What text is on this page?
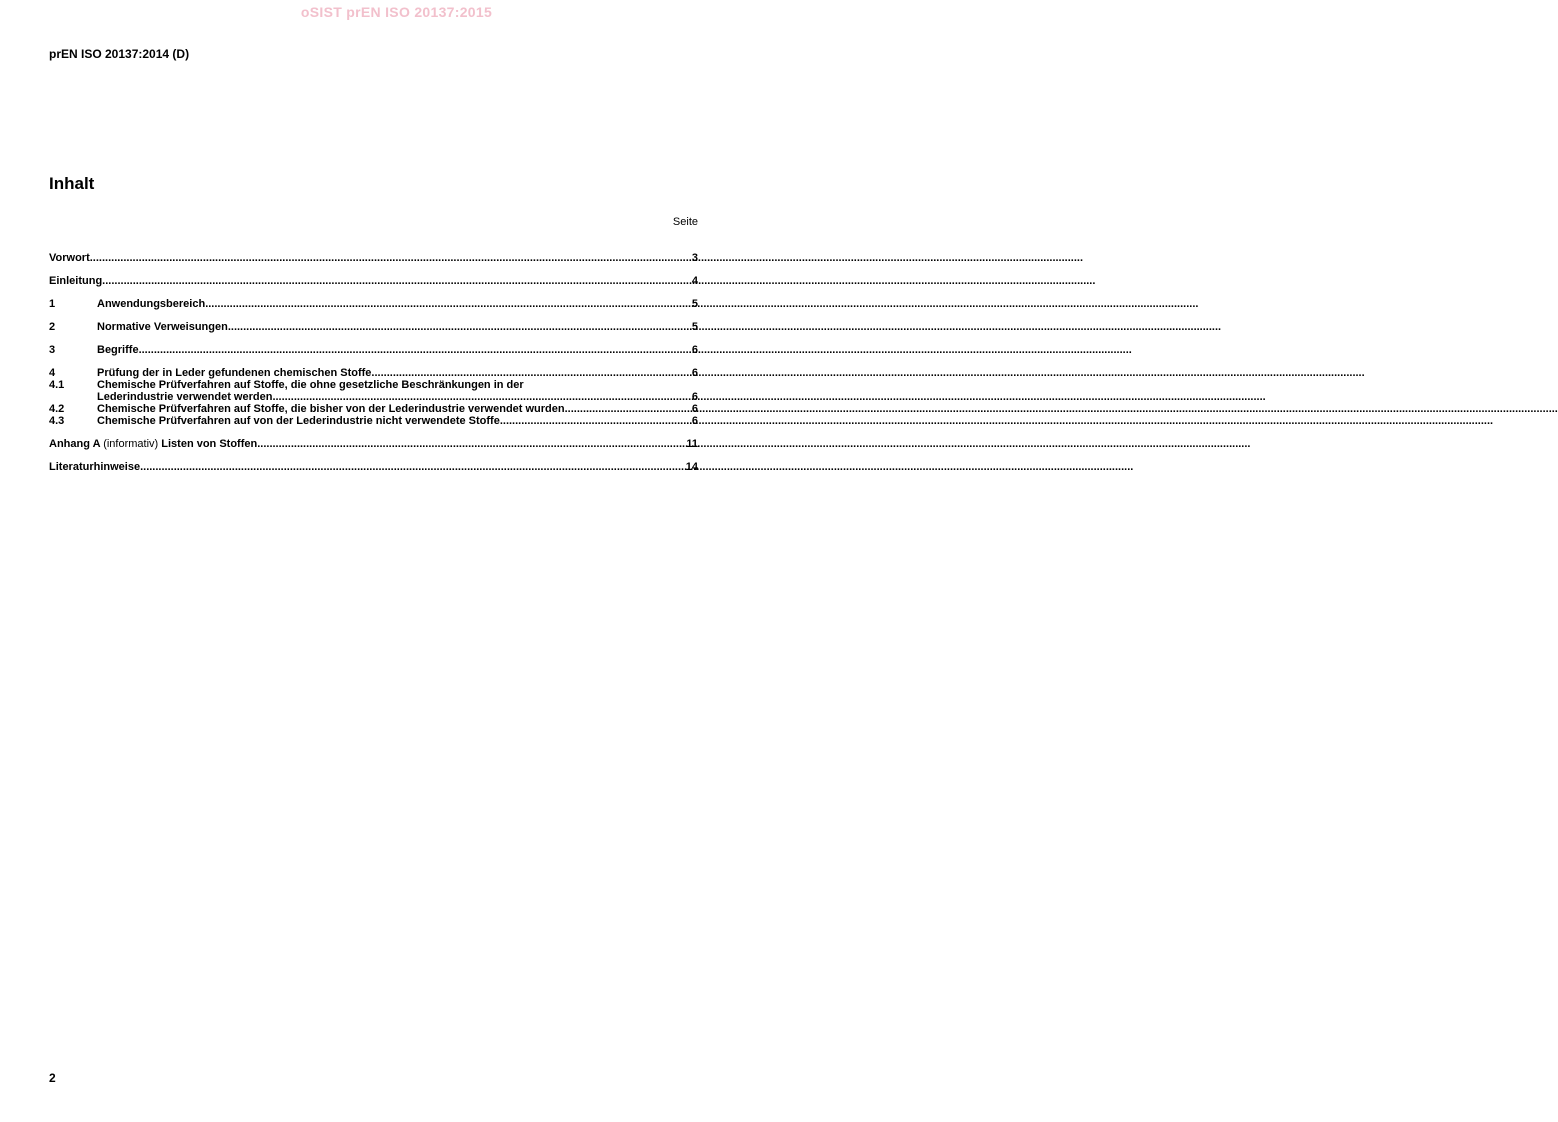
oSIST prEN ISO 20137:2015
prEN ISO 20137:2014 (D)
Inhalt
Seite
Vorwort .....	3
Einleitung .....	4
1	Anwendungsbereich .....	5
2	Normative Verweisungen .....	5
3	Begriffe .....	6
4	Prüfung der in Leder gefundenen chemischen Stoffe .....	6
4.1	Chemische Prüfverfahren auf Stoffe, die ohne gesetzliche Beschränkungen in der
Lederindustrie verwendet werden .....	6
4.2	Chemische Prüfverfahren auf Stoffe, die bisher von der Lederindustrie verwendet wurden .....	6
4.3	Chemische Prüfverfahren auf von der Lederindustrie nicht verwendete Stoffe .....	6
Anhang A (informativ) Listen von Stoffen .....	11
Literaturhinweise .....	14
2
